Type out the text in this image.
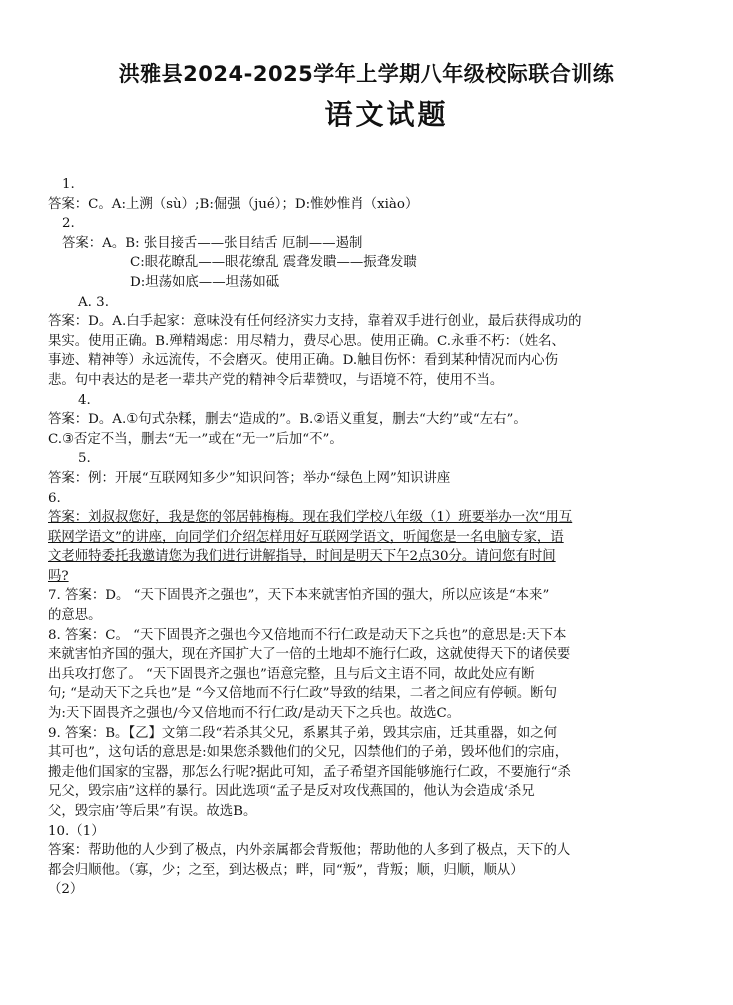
洪雅县2024-2025学年上学期八年级校际联合训练
语文试题
1.
答案：C。A:上溯（sù）;B:倔强（jué）；D:惟妙惟肖（xiào）
2.
答案：A。B: 张目接舌——张目结舌 厄制——遏制
C:眼花瞭乱——眼花缭乱 震聋发瞶——振聋发聩
D:坦荡如底——坦荡如砥
A. 3.
答案：D。A.白手起家：意味没有任何经济实力支持，靠着双手进行创业，最后获得成功的
果实。使用正确。B.殚精竭虑：用尽精力，费尽心思。使用正确。C.永垂不朽：（姓名、
事迹、精神等）永远流传，不会磨灭。使用正确。D.触目伤怀：看到某种情况而内心伤
悲。句中表达的是老一辈共产党的精神令后辈赞叹，与语境不符，使用不当。
4.
答案：D。A.①句式杂糅，删去“造成的”。B.②语义重复，删去“大约”或“左右”。
C.③否定不当，删去“无一”或在“无一”后加“不”。
5.
答案：例：开展“互联网知多少”知识问答；举办“绿色上网”知识讲座
6.
答案：刘叔叔您好，我是您的邻居韩梅梅。现在我们学校八年级（1）班要举办一次“用互
联网学语文”的讲座，向同学们介绍怎样用好互联网学语文，听闻您是一名电脑专家，语
文老师特委托我邀请您为我们进行讲解指导，时间是明天下午2点30分。请问您有时间
吗?
7. 答案：D。 “天下固畏齐之强也”，天下本来就害怕齐国的强大，所以应该是“本来”
的意思。
8. 答案：C。 “天下固畏齐之强也今又倍地而不行仁政是动天下之兵也”的意思是:天下本
来就害怕齐国的强大，现在齐国扩大了一倍的土地却不施行仁政，这就使得天下的诸侯要
出兵攻打您了。 “天下固畏齐之强也”语意完整，且与后文主语不同，故此处应有断
句; “是动天下之兵也”是 “今又倍地而不行仁政”导致的结果，二者之间应有停顿。断句
为:天下固畏齐之强也/今又倍地而不行仁政/是动天下之兵也。故选C。
9. 答案：B。【乙】文第二段“若杀其父兄，系累其子弟，毁其宗庙，迁其重器，如之何
其可也”，这句话的意思是:如果您杀戮他们的父兄，囚禁他们的子弟，毁坏他们的宗庙，
搬走他们国家的宝器，那怎么行呢?据此可知，孟子希望齐国能够施行仁政，不要施行“杀
兄父，毁宗庙”这样的暴行。因此选项“孟子是反对攻伐燕国的，他认为会造成‘杀兄
父，毁宗庙’等后果”有误。故选B。
10.（1）
答案：帮助他的人少到了极点，内外亲属都会背叛他；帮助他的人多到了极点，天下的人
都会归顺他。（寡，少；之至，到达极点；畔，同“叛”，背叛；顺，归顺，顺从）
（2）
